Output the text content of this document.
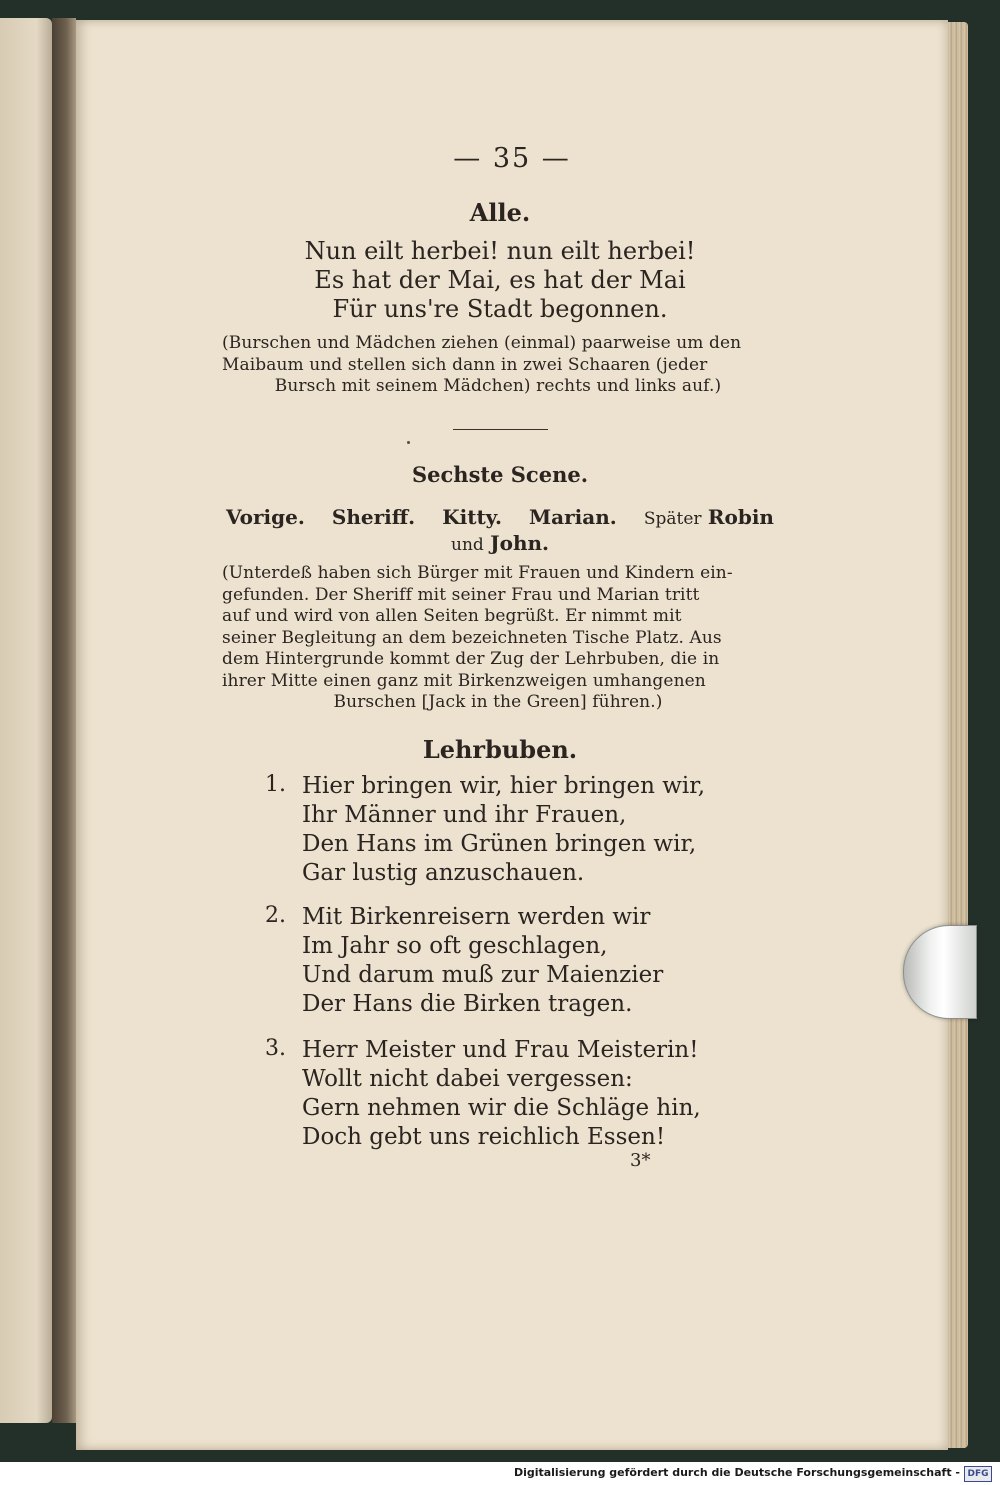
— 35 —
Alle.
Nun eilt herbei! nun eilt herbei!
Es hat der Mai, es hat der Mai
Für uns're Stadt begonnen.
(Burschen und Mädchen ziehen (einmal) paarweise um den
Maibaum und stellen sich dann in zwei Schaaren (jeder
Bursch mit seinem Mädchen) rechts und links auf.)
Sechste Scene.
Vorige. Sheriff. Kitty. Marian. Später Robin
und John.
(Unterdeß haben sich Bürger mit Frauen und Kindern ein-
gefunden. Der Sheriff mit seiner Frau und Marian tritt
auf und wird von allen Seiten begrüßt. Er nimmt mit
seiner Begleitung an dem bezeichneten Tische Platz. Aus
dem Hintergrunde kommt der Zug der Lehrbuben, die in
ihrer Mitte einen ganz mit Birkenzweigen umhangenen
Burschen [Jack in the Green] führen.)
Lehrbuben.
1. Hier bringen wir, hier bringen wir,
Ihr Männer und ihr Frauen,
Den Hans im Grünen bringen wir,
Gar lustig anzuschauen.
2. Mit Birkenreisern werden wir
Im Jahr so oft geschlagen,
Und darum muß zur Maienzier
Der Hans die Birken tragen.
3. Herr Meister und Frau Meisterin!
Wollt nicht dabei vergessen:
Gern nehmen wir die Schläge hin,
Doch gebt uns reichlich Essen!
3*
Digitalisierung gefördert durch die Deutsche Forschungsgemeinschaft - DFG
